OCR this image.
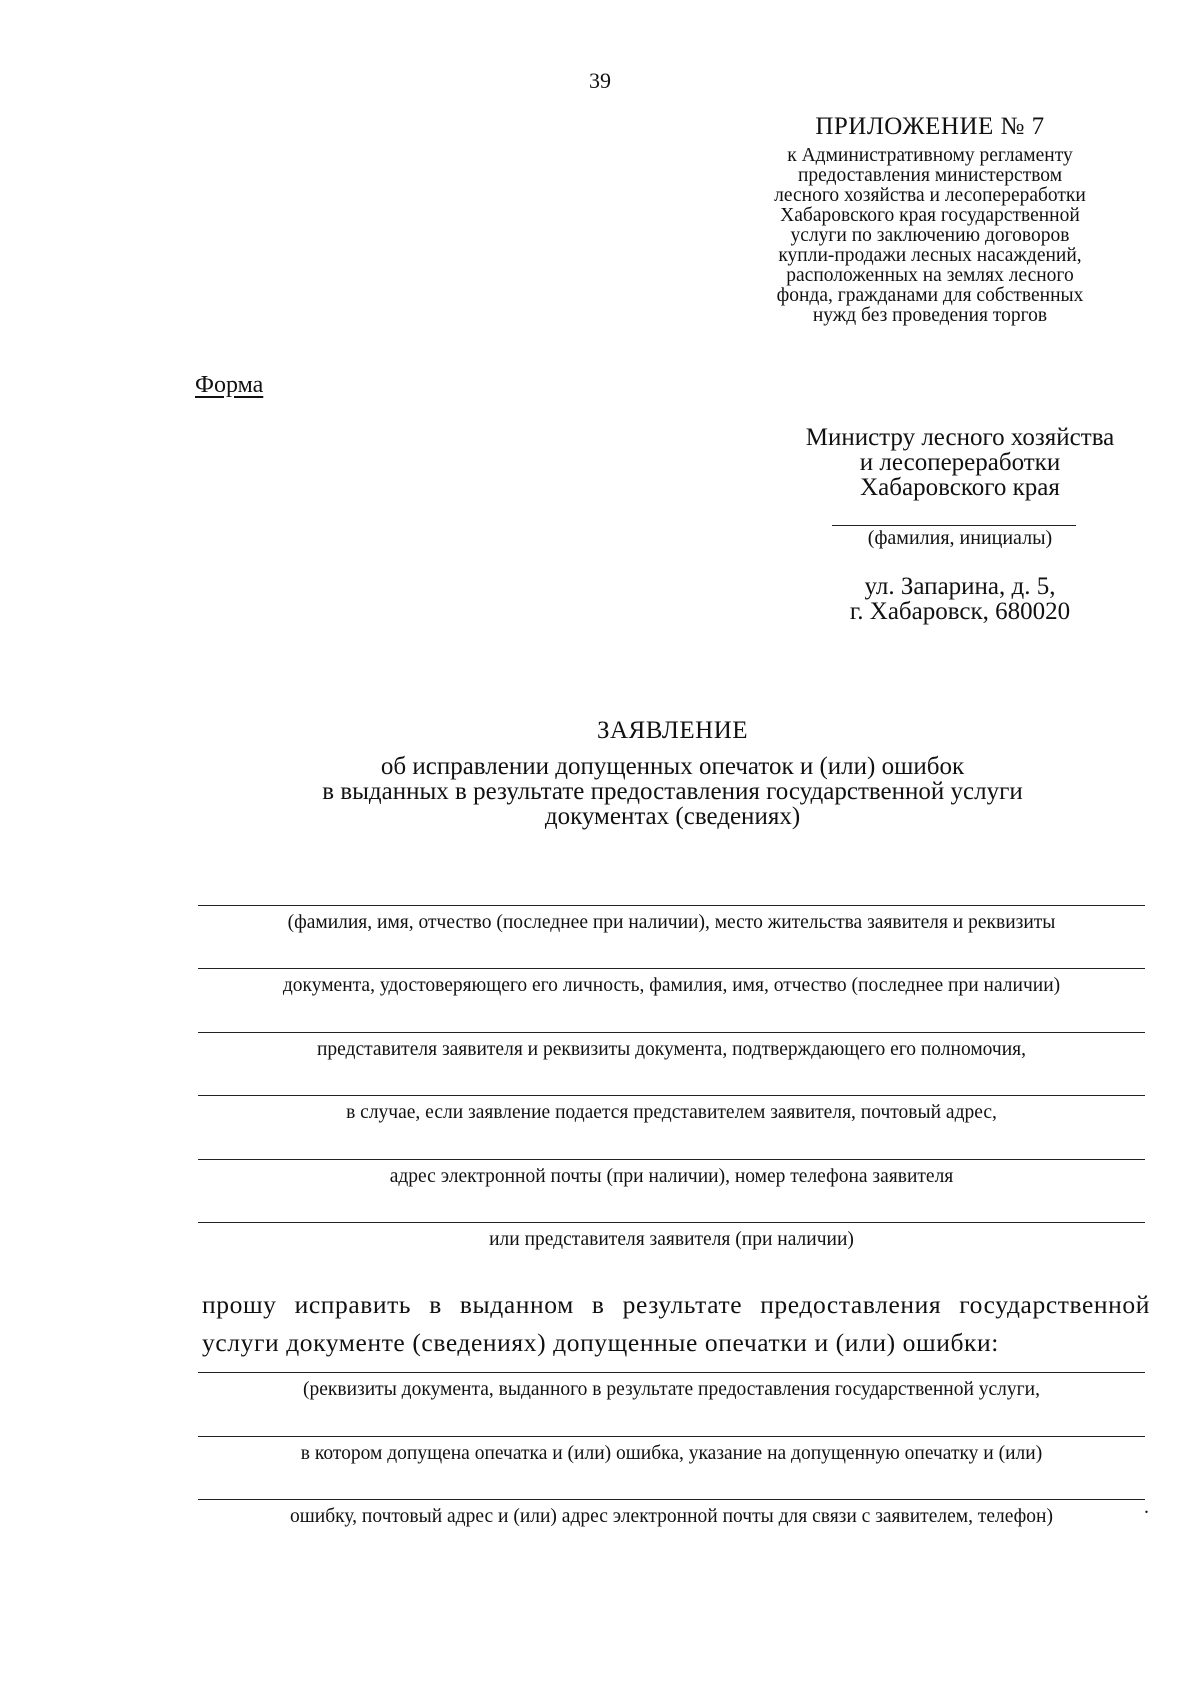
39
ПРИЛОЖЕНИЕ № 7
к Административному регламенту
предоставления министерством
лесного хозяйства и лесопереработки
Хабаровского края государственной
услуги по заключению договоров
купли-продажи лесных насаждений,
расположенных на землях лесного
фонда, гражданами для собственных
нужд без проведения торгов
Форма
Министру лесного хозяйства
и лесопереработки
Хабаровского края
(фамилия, инициалы)
ул. Запарина, д. 5,
г. Хабаровск, 680020
ЗАЯВЛЕНИЕ
об исправлении допущенных опечаток и (или) ошибок
в выданных в результате предоставления государственной услуги
документах (сведениях)
(фамилия, имя, отчество (последнее при наличии), место жительства заявителя и реквизиты
документа, удостоверяющего его личность, фамилия, имя, отчество (последнее при наличии)
представителя заявителя и реквизиты документа, подтверждающего его полномочия,
в случае, если заявление подается представителем заявителя, почтовый адрес,
адрес электронной почты (при наличии), номер телефона заявителя
или представителя заявителя (при наличии)
прошу исправить в выданном в результате предоставления государственной услуги документе (сведениях) допущенные опечатки и (или) ошибки:
(реквизиты документа, выданного в результате предоставления государственной услуги,
в котором допущена опечатка и (или) ошибка, указание на допущенную опечатку и (или)
.
ошибку, почтовый адрес и (или) адрес электронной почты для связи с заявителем, телефон)
